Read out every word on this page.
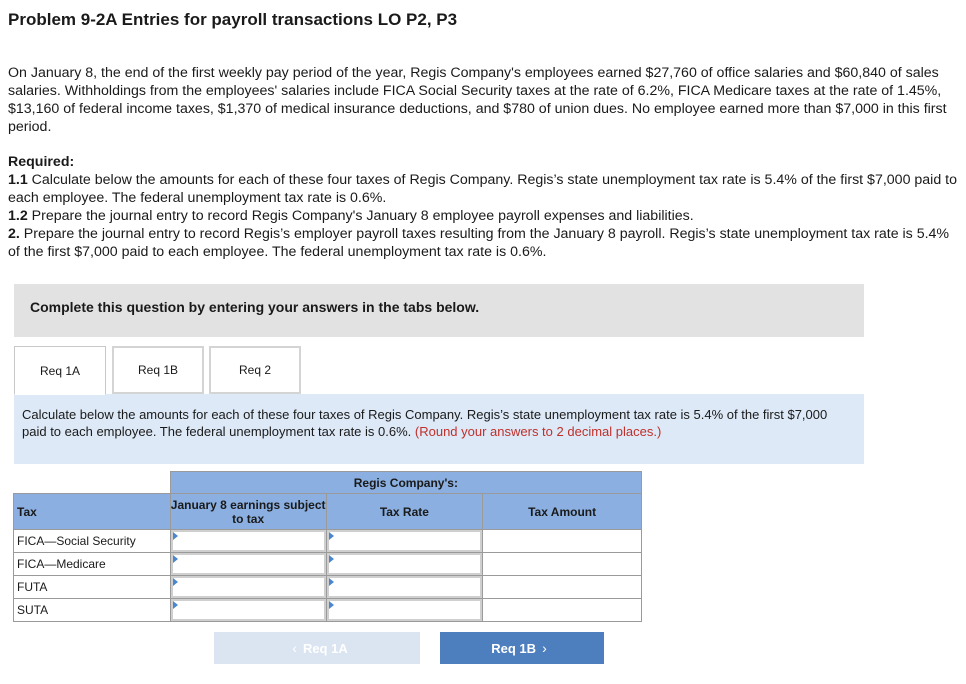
Problem 9-2A Entries for payroll transactions LO P2, P3

On January 8, the end of the first weekly pay period of the year, Regis Company's employees earned $27,760 of office salaries and $60,840 of sales salaries. Withholdings from the employees' salaries include FICA Social Security taxes at the rate of 6.2%, FICA Medicare taxes at the rate of 1.45%, $13,160 of federal income taxes, $1,370 of medical insurance deductions, and $780 of union dues. No employee earned more than $7,000 in this first period.

Required:

1.1 Calculate below the amounts for each of these four taxes of Regis Company. Regis’s state unemployment tax rate is 5.4% of the first $7,000 paid to each employee. The federal unemployment tax rate is 0.6%.

1.2 Prepare the journal entry to record Regis Company's January 8 employee payroll expenses and liabilities.

2. Prepare the journal entry to record Regis’s employer payroll taxes resulting from the January 8 payroll. Regis’s state unemployment tax rate is 5.4% of the first $7,000 paid to each employee. The federal unemployment tax rate is 0.6%.

Complete this question by entering your answers in the tabs below.
Req 1A	Req 1B	Req 2
Calculate below the amounts for each of these four taxes of Regis Company. Regis’s state unemployment tax rate is 5.4% of the first $7,000 paid to each employee. The federal unemployment tax rate is 0.6%. (Round your answers to 2 decimal places.)
	Regis Company's:		
Tax	January 8 earnings subject to tax	Tax Rate	Tax Amount
FICA—Social Security	

FICA—Medicare	

FUTA	

SUTA	

‹ Req 1A	Req 1B ›
